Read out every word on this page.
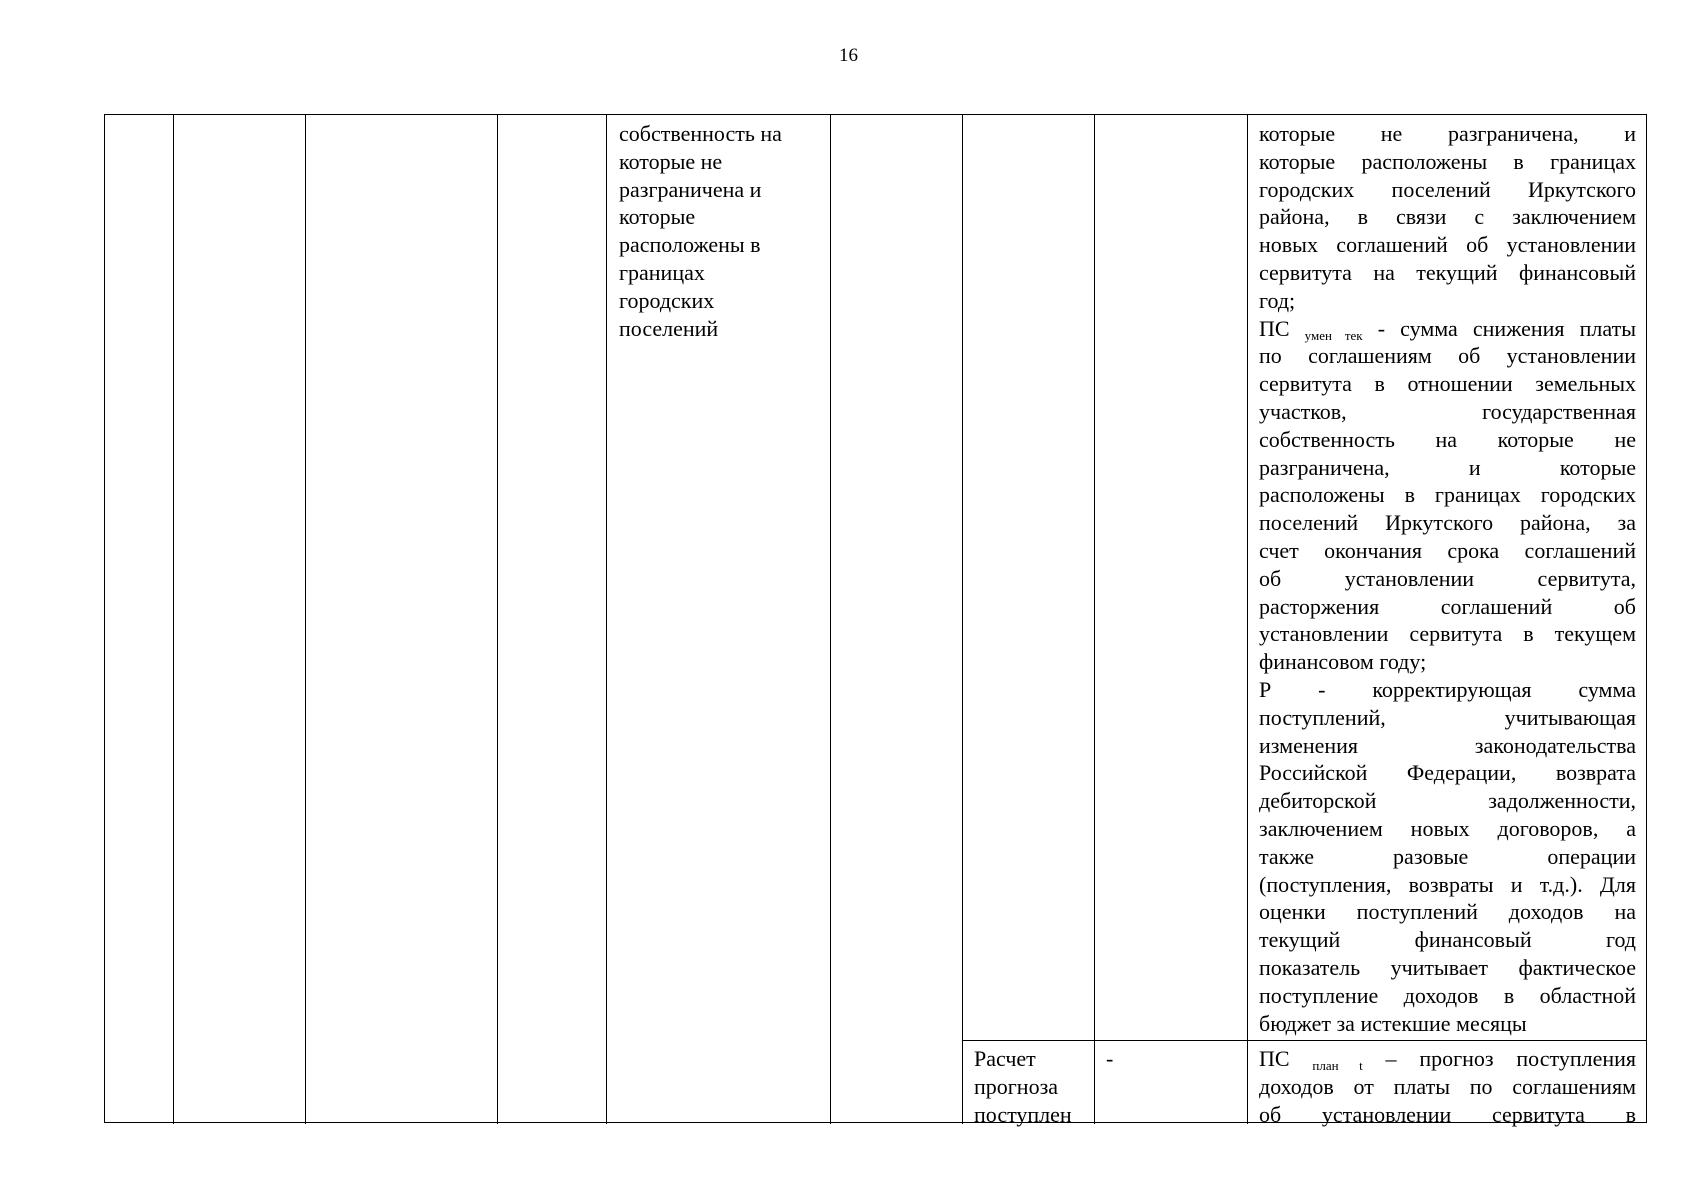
16

собственность на

которые не

разграничена и

которые

расположены в

границах

городских

поселений

которые не разграничена, и

которые расположены в границах

городских поселений Иркутского

района, в связи с заключением

новых соглашений об установлении

сервитута на текущий финансовый

год;

ПС $_{умен тек}$ - сумма снижения платы

по соглашениям об установлении

сервитута в отношении земельных

участков, государственная

собственность на которые не

разграничена, и которые

расположены в границах городских

поселений Иркутского района, за

счет окончания срока соглашений

об установлении сервитута,

расторжения соглашений об

установлении сервитута в текущем

финансовом году;

Р - корректирующая сумма

поступлений, учитывающая

изменения законодательства

Российской Федерации, возврата

дебиторской задолженности,

заключением новых договоров, а

также разовые операции

(поступления, возвраты и т.д.). Для

оценки поступлений доходов на

текущий финансовый год

показатель учитывает фактическое

поступление доходов в областной

бюджет за истекшие месяцы

Расчет

прогноза

поступлен

-	ПС $_{план t}$ – прогноз поступления

доходов от платы по соглашениям

об установлении сервитута в
